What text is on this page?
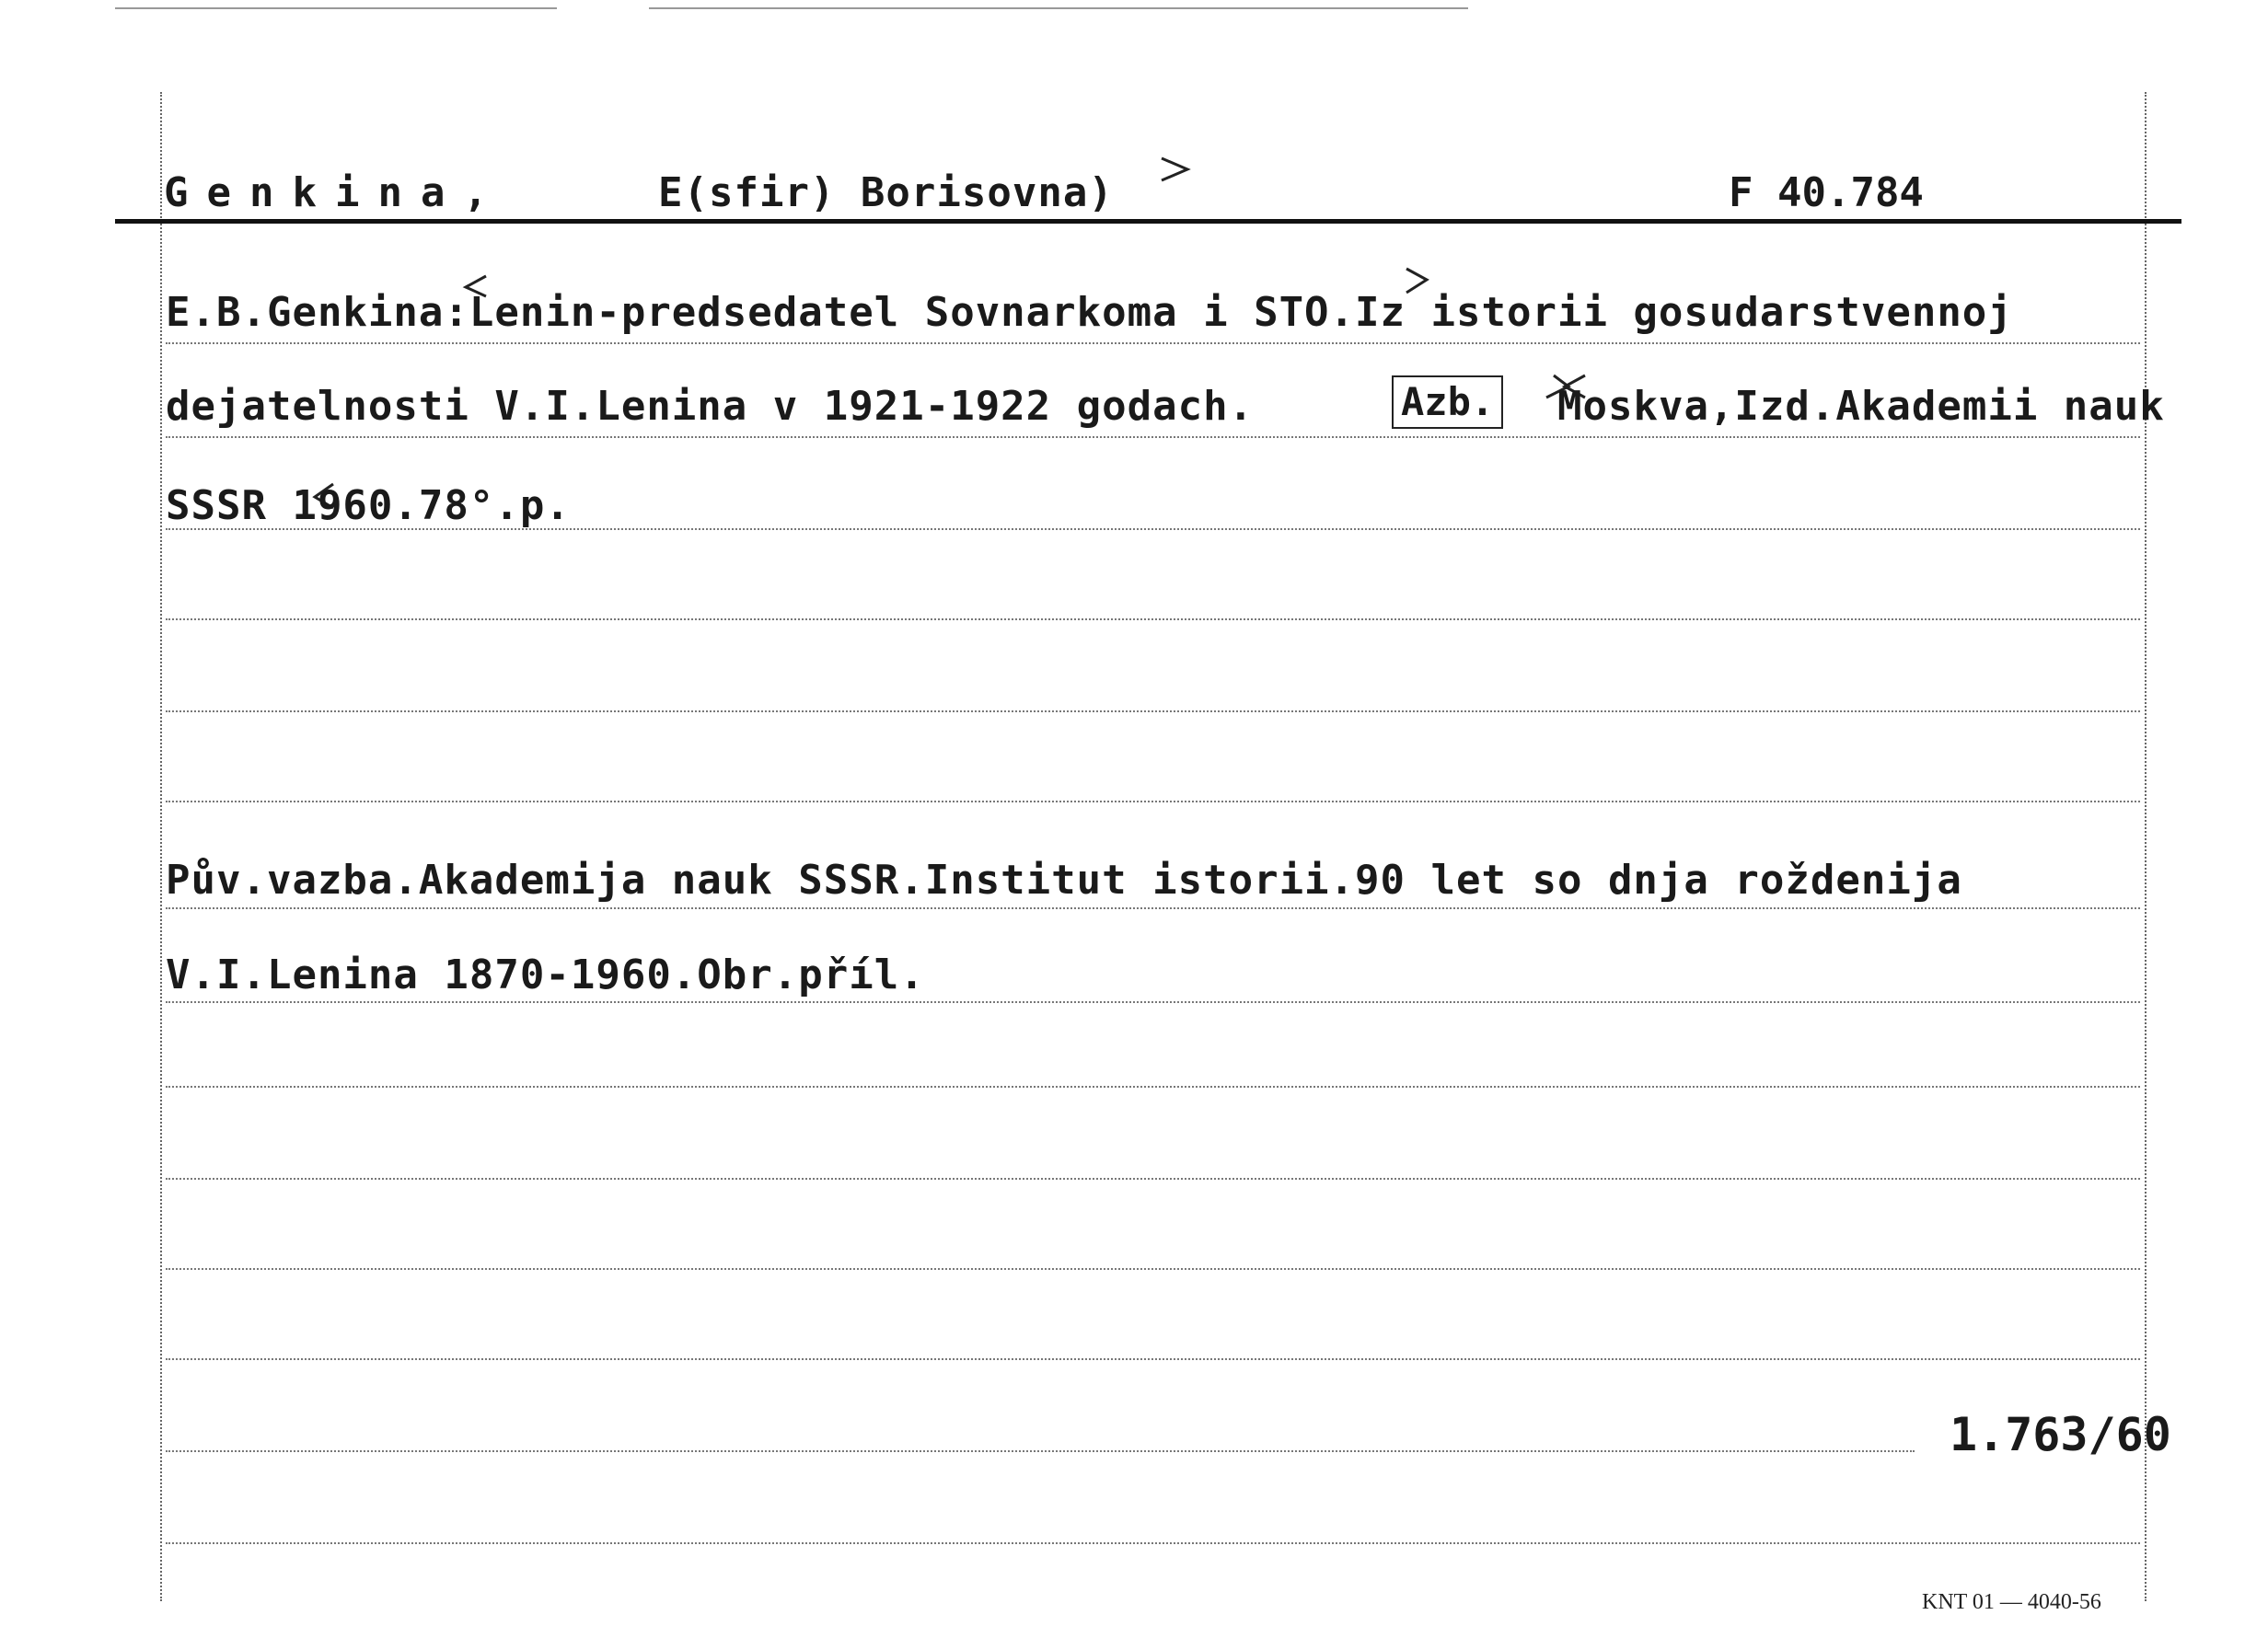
Genkina,	E(sfir) Borisovna)	F 40.784
E.B.Genkina:Lenin-predsedatel Sovnarkoma i STO.Iz istorii gosudarstvennoj
dejatelnosti V.I.Lenina v 1921-1922 godach.	Azb. Moskva,Izd.Akademii nauk
SSSR 1960.78°.p.
Pův.vazba.Akademija nauk SSSR.Institut istorii.90 let so dnja roždenija
V.I.Lenina 1870-1960.Obr.příl.
1.763/60
KNT 01 — 4040-56
